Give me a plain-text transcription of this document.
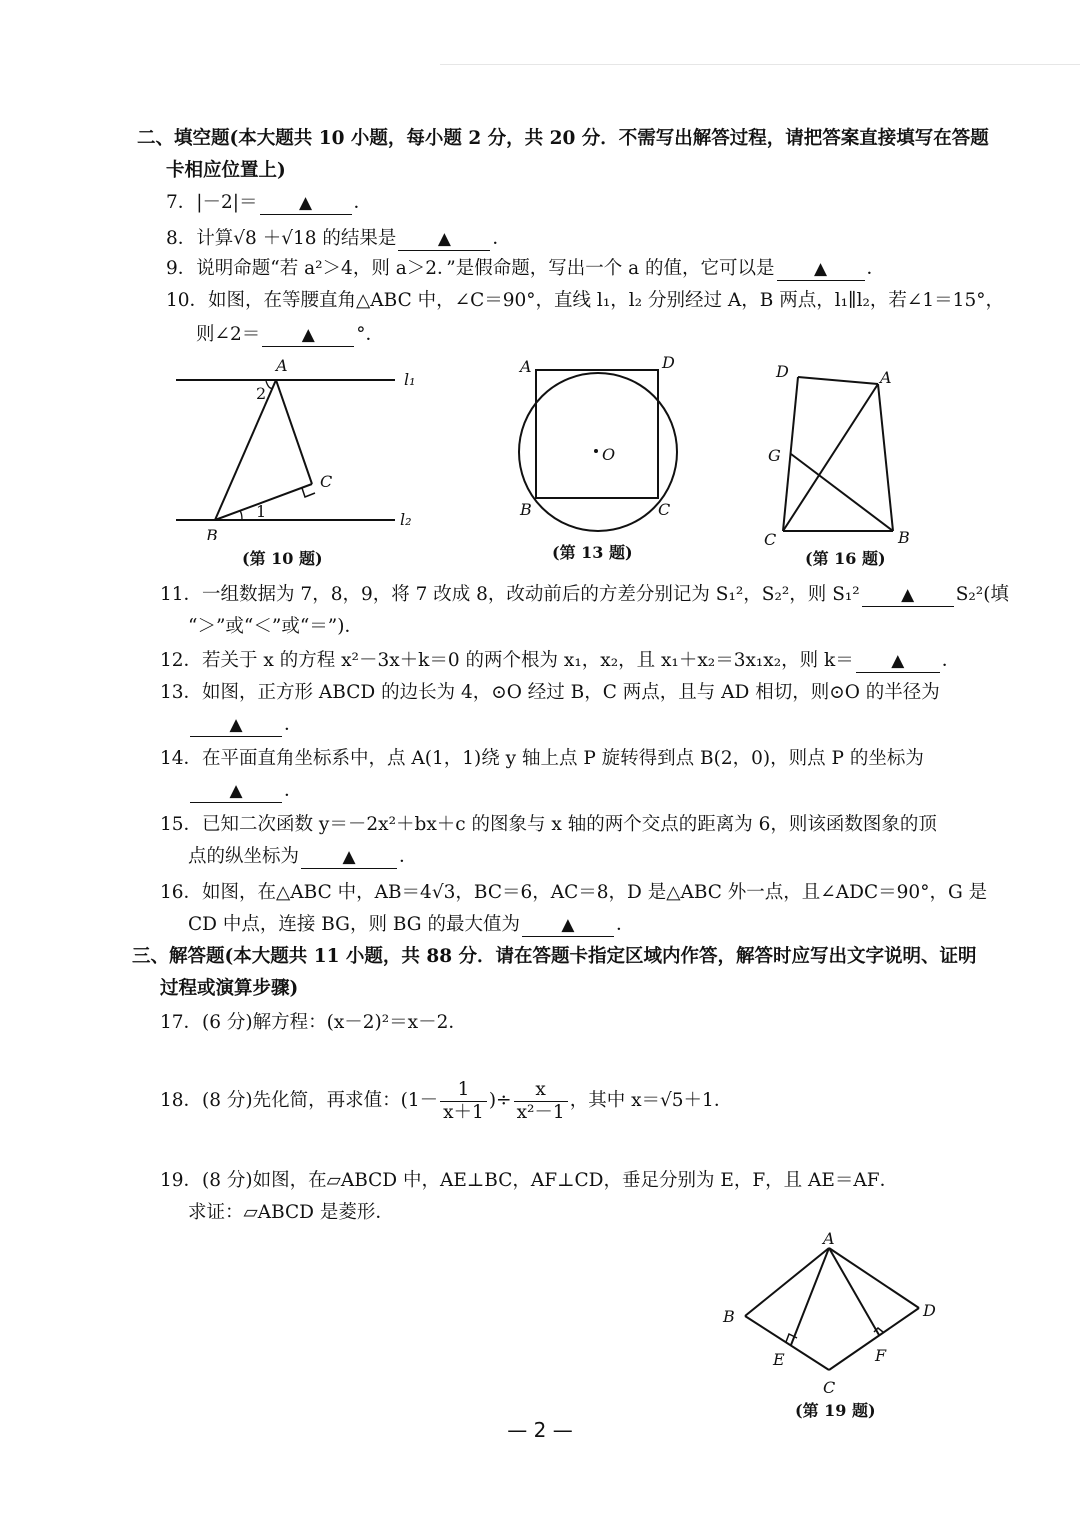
二、填空题(本大题共 10 小题，每小题 2 分，共 20 分．不需写出解答过程，请把答案直接填写在答题
卡相应位置上)
7．|－2|＝ ▲ ．
8．计算√8 ＋√18 的结果是 ▲ ．
9．说明命题“若 a²＞4，则 a＞2．”是假命题，写出一个 a 的值，它可以是 ▲ ．
10．如图，在等腰直角△ABC 中，∠C＝90°，直线 l₁，l₂ 分别经过 A，B 两点，l₁∥l₂，若∠1＝15°，
则∠2＝ ▲ °．
A
B
C
l₁
l₂
2
1
(第 10 题)
A	D
O
B	C
(第 13 题)
D	A
G
C	B
(第 16 题)
11．一组数据为 7，8，9，将 7 改成 8，改动前后的方差分别记为 S₁²，S₂²，则 S₁² ▲ S₂²(填
“＞”或“＜”或“＝”)．
12．若关于 x 的方程 x²－3x＋k＝0 的两个根为 x₁，x₂，且 x₁＋x₂＝3x₁x₂，则 k＝ ▲ ．
13．如图，正方形 ABCD 的边长为 4，⊙O 经过 B，C 两点，且与 AD 相切，则⊙O 的半径为
▲ ．
14．在平面直角坐标系中，点 A(1，1)绕 y 轴上点 P 旋转得到点 B(2，0)，则点 P 的坐标为
▲ ．
15．已知二次函数 y＝－2x²＋bx＋c 的图象与 x 轴的两个交点的距离为 6，则该函数图象的顶
点的纵坐标为	▲ ．
16．如图，在△ABC 中，AB＝4√3，BC＝6，AC＝8，D 是△ABC 外一点，且∠ADC＝90°，G 是
CD 中点，连接 BG，则 BG 的最大值为 ▲ ．
三、解答题(本大题共 11 小题，共 88 分．请在答题卡指定区域内作答，解答时应写出文字说明、证明
过程或演算步骤)
17．(6 分)解方程：(x－2)²＝x－2．
18．(8 分)先化简，再求值：($1- \frac{1}{x+1}$ )÷ $\frac{x}{\text{x²－1}}$ ，其中 x＝√5＋1．
19．(8 分)如图，在▱ABCD 中，AE⊥BC，AF⊥CD，垂足分别为 E，F，且 AE＝AF．
求证：▱ABCD 是菱形．
A
B	D
E	F
C
(第 19 题)
— 2 —
